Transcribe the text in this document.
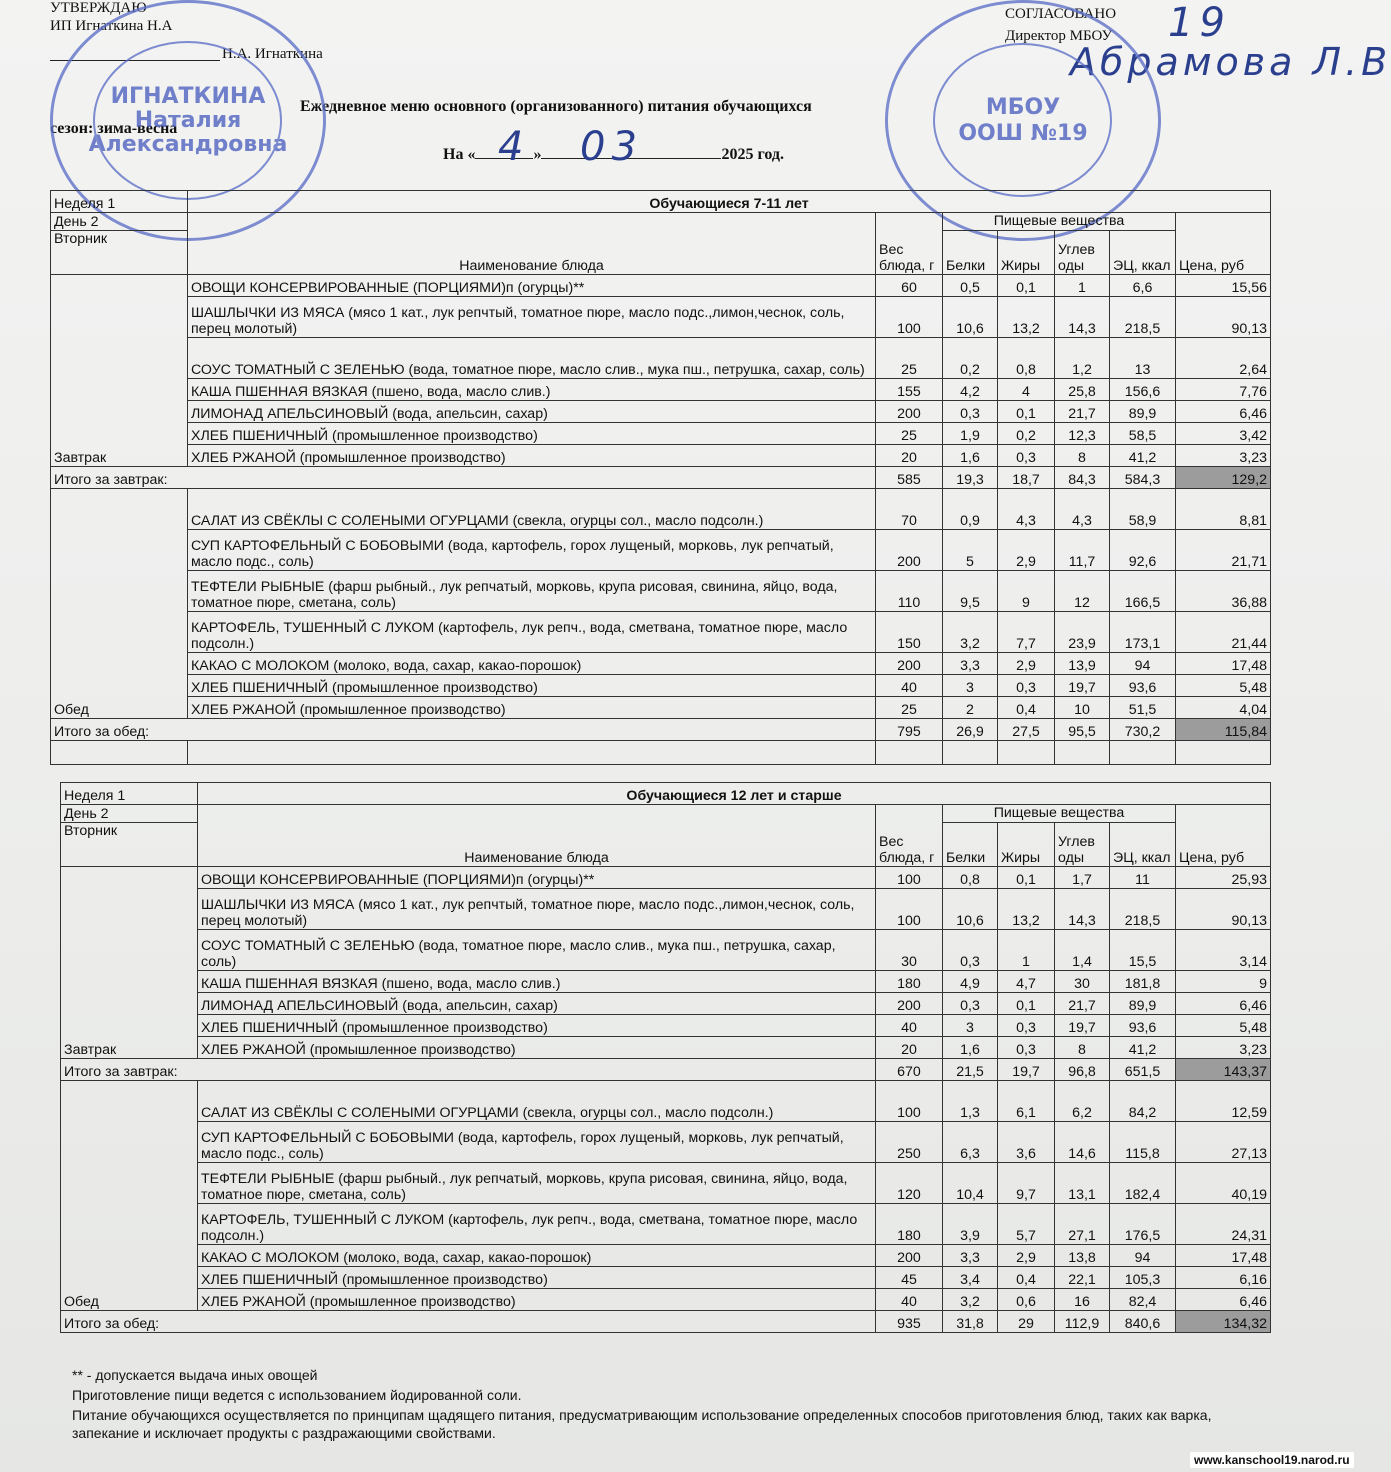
УТВЕРЖДАЮ
ИП Игнаткина Н.А
Н.А. Игнаткина
СОГЛАСОВАНО
Директор МБОУ 19
Абрамова Л.В
Ежедневное меню основного (организованного) питания обучающихся
сезон: зима-весна
На «	»	2025 год.
4 03
ИГНАТКИНА
Наталия
Александровна
МБОУ
ООШ №19
Неделя 1	Обучающиеся 7-11 лет						
День 2	Наименование блюда	Вес блюда, г	Пищевые вещества				Цена, руб
Вторник			Белки	Жиры	Углев оды	ЭЦ, ккал	
Завтрак	ОВОЩИ КОНСЕРВИРОВАННЫЕ (ПОРЦИЯМИ)п (огурцы)**	60	0,5	0,1	1	6,6	15,56
	ШАШЛЫЧКИ ИЗ МЯСА (мясо 1 кат., лук репчтый, томатное пюре, масло подс.,лимон,чеснок, соль, перец молотый)	100	10,6	13,2	14,3	218,5	90,13
	СОУС ТОМАТНЫЙ С ЗЕЛЕНЬЮ (вода, томатное пюре, масло слив., мука пш., петрушка, сахар, соль)	25	0,2	0,8	1,2	13	2,64
	КАША ПШЕННАЯ ВЯЗКАЯ (пшено, вода, масло слив.)	155	4,2	4	25,8	156,6	7,76
	ЛИМОНАД АПЕЛЬСИНОВЫЙ (вода, апельсин, сахар)	200	0,3	0,1	21,7	89,9	6,46
	ХЛЕБ ПШЕНИЧНЫЙ (промышленное производство)	25	1,9	0,2	12,3	58,5	3,42
	ХЛЕБ РЖАНОЙ (промышленное производство)	20	1,6	0,3	8	41,2	3,23
Итого за завтрак:		585	19,3	18,7	84,3	584,3	129,2
Обед	САЛАТ ИЗ СВЁКЛЫ С СОЛЕНЫМИ ОГУРЦАМИ (свекла, огурцы сол., масло подсолн.)	70	0,9	4,3	4,3	58,9	8,81
	СУП КАРТОФЕЛЬНЫЙ С БОБОВЫМИ (вода, картофель, горох лущеный, морковь, лук репчатый, масло подс., соль)	200	5	2,9	11,7	92,6	21,71
	ТЕФТЕЛИ РЫБНЫЕ (фарш рыбный., лук репчатый, морковь, крупа рисовая, свинина, яйцо, вода, томатное пюре, сметана, соль)	110	9,5	9	12	166,5	36,88
	КАРТОФЕЛЬ, ТУШЕННЫЙ С ЛУКОМ (картофель, лук репч., вода, сметвана, томатное пюре, масло подсолн.)	150	3,2	7,7	23,9	173,1	21,44
	КАКАО С МОЛОКОМ (молоко, вода, сахар, какао-порошок)	200	3,3	2,9	13,9	94	17,48
	ХЛЕБ ПШЕНИЧНЫЙ (промышленное производство)	40	3	0,3	19,7	93,6	5,48
	ХЛЕБ РЖАНОЙ (промышленное производство)	25	2	0,4	10	51,5	4,04
Итого за обед:		795	26,9	27,5	95,5	730,2	115,84

Неделя 1	Обучающиеся 12 лет и старше						
День 2	Наименование блюда	Вес блюда, г	Пищевые вещества				Цена, руб
Вторник			Белки	Жиры	Углев оды	ЭЦ, ккал	
Завтрак	ОВОЩИ КОНСЕРВИРОВАННЫЕ (ПОРЦИЯМИ)п (огурцы)**	100	0,8	0,1	1,7	11	25,93
	ШАШЛЫЧКИ ИЗ МЯСА (мясо 1 кат., лук репчтый, томатное пюре, масло подс.,лимон,чеснок, соль, перец молотый)	100	10,6	13,2	14,3	218,5	90,13
	СОУС ТОМАТНЫЙ С ЗЕЛЕНЬЮ (вода, томатное пюре, масло слив., мука пш., петрушка, сахар, соль)	30	0,3	1	1,4	15,5	3,14
	КАША ПШЕННАЯ ВЯЗКАЯ (пшено, вода, масло слив.)	180	4,9	4,7	30	181,8	9
	ЛИМОНАД АПЕЛЬСИНОВЫЙ (вода, апельсин, сахар)	200	0,3	0,1	21,7	89,9	6,46
	ХЛЕБ ПШЕНИЧНЫЙ (промышленное производство)	40	3	0,3	19,7	93,6	5,48
	ХЛЕБ РЖАНОЙ (промышленное производство)	20	1,6	0,3	8	41,2	3,23
Итого за завтрак:		670	21,5	19,7	96,8	651,5	143,37
Обед	САЛАТ ИЗ СВЁКЛЫ С СОЛЕНЫМИ ОГУРЦАМИ (свекла, огурцы сол., масло подсолн.)	100	1,3	6,1	6,2	84,2	12,59
	СУП КАРТОФЕЛЬНЫЙ С БОБОВЫМИ (вода, картофель, горох лущеный, морковь, лук репчатый, масло подс., соль)	250	6,3	3,6	14,6	115,8	27,13
	ТЕФТЕЛИ РЫБНЫЕ (фарш рыбный., лук репчатый, морковь, крупа рисовая, свинина, яйцо, вода, томатное пюре, сметана, соль)	120	10,4	9,7	13,1	182,4	40,19
	КАРТОФЕЛЬ, ТУШЕННЫЙ С ЛУКОМ (картофель, лук репч., вода, сметвана, томатное пюре, масло подсолн.)	180	3,9	5,7	27,1	176,5	24,31
	КАКАО С МОЛОКОМ (молоко, вода, сахар, какао-порошок)	200	3,3	2,9	13,8	94	17,48
	ХЛЕБ ПШЕНИЧНЫЙ (промышленное производство)	45	3,4	0,4	22,1	105,3	6,16
	ХЛЕБ РЖАНОЙ (промышленное производство)	40	3,2	0,6	16	82,4	6,46
Итого за обед:		935	31,8	29	112,9	840,6	134,32
** - допускается выдача иных овощей
Приготовление пищи ведется с использованием йодированной соли.
Питание обучающихся осуществляется по принципам щадящего питания, предусматривающим использование определенных способов приготовления блюд, таких как варка, запекание и исключает продукты с раздражающими свойствами.
www.kanschool19.narod.ru
